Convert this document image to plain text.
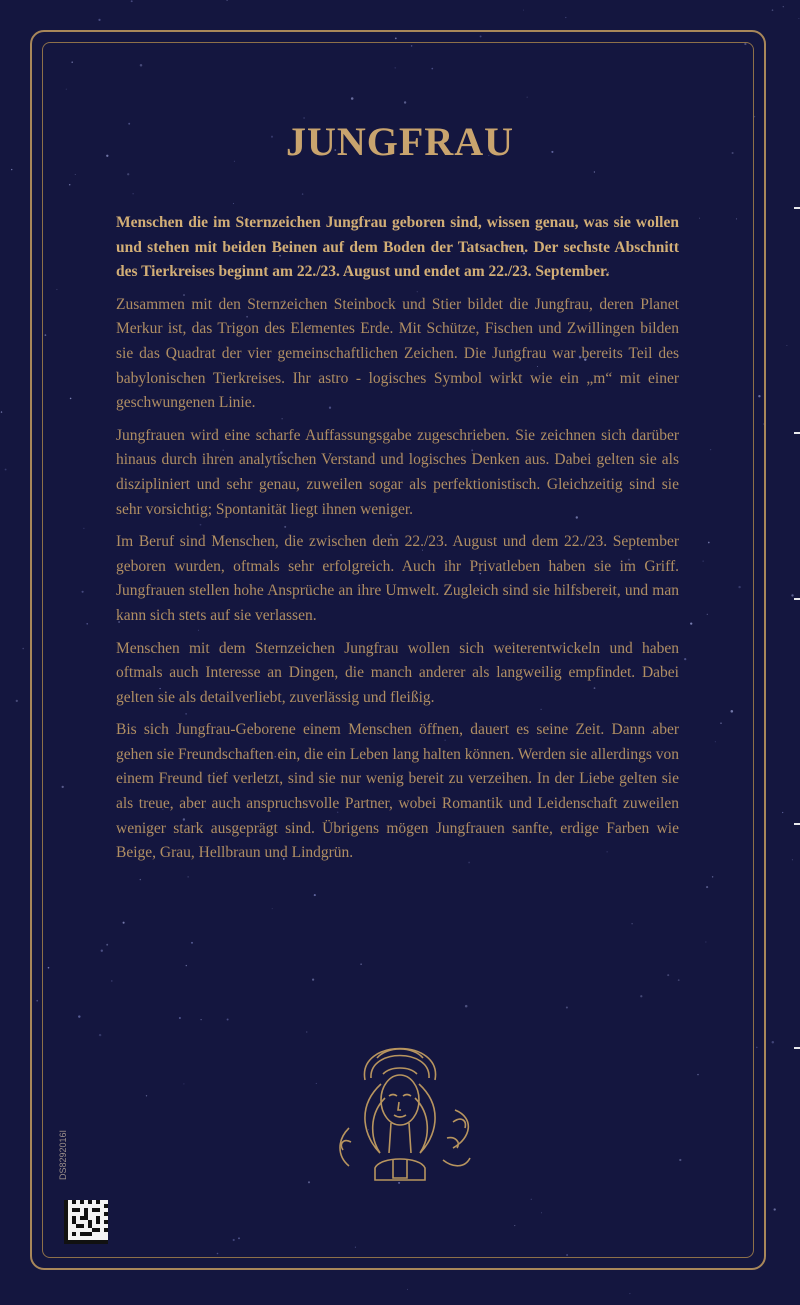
JUNGFRAU

Menschen die im Sternzeichen Jungfrau geboren sind, wissen genau, was sie wollen und stehen mit beiden Beinen auf dem Boden der Tatsachen. Der sechste Abschnitt des Tierkreises beginnt am 22./23. August und endet am 22./23. September.

Zusammen mit den Sternzeichen Steinbock und Stier bildet die Jungfrau, deren Planet Merkur ist, das Trigon des Elementes Erde. Mit Schütze, Fischen und Zwillingen bilden sie das Quadrat der vier gemeinschaftlichen Zeichen. Die Jungfrau war bereits Teil des babylonischen Tierkreises. Ihr astro - logisches Symbol wirkt wie ein „m“ mit einer geschwungenen Linie.

Jungfrauen wird eine scharfe Auffassungsgabe zugeschrieben. Sie zeichnen sich darüber hinaus durch ihren analytischen Verstand und logisches Denken aus. Dabei gelten sie als diszipliniert und sehr genau, zuweilen sogar als perfektionistisch. Gleichzeitig sind sie sehr vorsichtig; Spontanität liegt ihnen weniger.

Im Beruf sind Menschen, die zwischen dem 22./23. August und dem 22./23. September geboren wurden, oftmals sehr erfolgreich. Auch ihr Privatleben haben sie im Griff. Jungfrauen stellen hohe Ansprüche an ihre Umwelt. Zugleich sind sie hilfsbereit, und man kann sich stets auf sie verlassen.

Menschen mit dem Sternzeichen Jungfrau wollen sich weiterentwickeln und haben oftmals auch Interesse an Dingen, die manch anderer als langweilig empfindet. Dabei gelten sie als detailverliebt, zuverlässig und fleißig.

Bis sich Jungfrau-Geborene einem Menschen öffnen, dauert es seine Zeit. Dann aber gehen sie Freundschaften ein, die ein Leben lang halten können. Werden sie allerdings von einem Freund tief verletzt, sind sie nur wenig bereit zu verzeihen. In der Liebe gelten sie als treue, aber auch anspruchsvolle Partner, wobei Romantik und Leidenschaft zuweilen weniger stark ausgeprägt sind. Übrigens mögen Jungfrauen sanfte, erdige Farben wie Beige, Grau, Hellbraun und Lindgrün.

DS8292016I
